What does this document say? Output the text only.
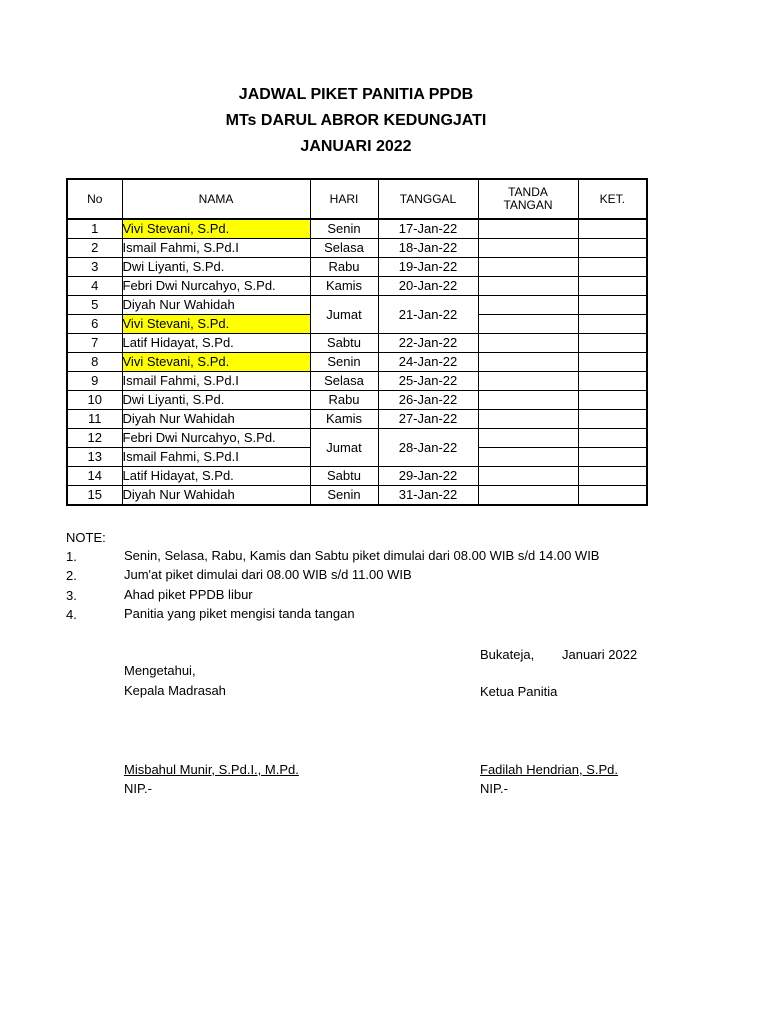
JADWAL PIKET PANITIA PPDB
MTs DARUL ABROR KEDUNGJATI
JANUARI 2022
No	NAMA	HARI	TANGGAL	TANDA TANGAN	KET.
1	Vivi Stevani, S.Pd.	Senin	17-Jan-22		
2	Ismail Fahmi, S.Pd.I	Selasa	18-Jan-22		
3	Dwi Liyanti, S.Pd.	Rabu	19-Jan-22		
4	Febri Dwi Nurcahyo, S.Pd.	Kamis	20-Jan-22		
5	Diyah Nur Wahidah	Jumat	21-Jan-22		
6	Vivi Stevani, S.Pd.				
7	Latif Hidayat, S.Pd.	Sabtu	22-Jan-22		
8	Vivi Stevani, S.Pd.	Senin	24-Jan-22		
9	Ismail Fahmi, S.Pd.I	Selasa	25-Jan-22		
10	Dwi Liyanti, S.Pd.	Rabu	26-Jan-22		
11	Diyah Nur Wahidah	Kamis	27-Jan-22		
12	Febri Dwi Nurcahyo, S.Pd.	Jumat	28-Jan-22		
13	Ismail Fahmi, S.Pd.I				
14	Latif Hidayat, S.Pd.	Sabtu	29-Jan-22		
15	Diyah Nur Wahidah	Senin	31-Jan-22		
NOTE:
1.	Senin, Selasa, Rabu, Kamis dan Sabtu piket dimulai dari 08.00 WIB s/d 14.00 WIB
2.	Jum'at piket dimulai dari 08.00 WIB s/d 11.00 WIB
3.	Ahad piket PPDB libur
4.	Panitia yang piket mengisi tanda tangan
Bukateja, Januari 2022
Mengetahui,
Kepala Madrasah	Ketua Panitia
Misbahul Munir, S.Pd.I., M.Pd.
NIP.-
Fadilah Hendrian, S.Pd.
NIP.-
